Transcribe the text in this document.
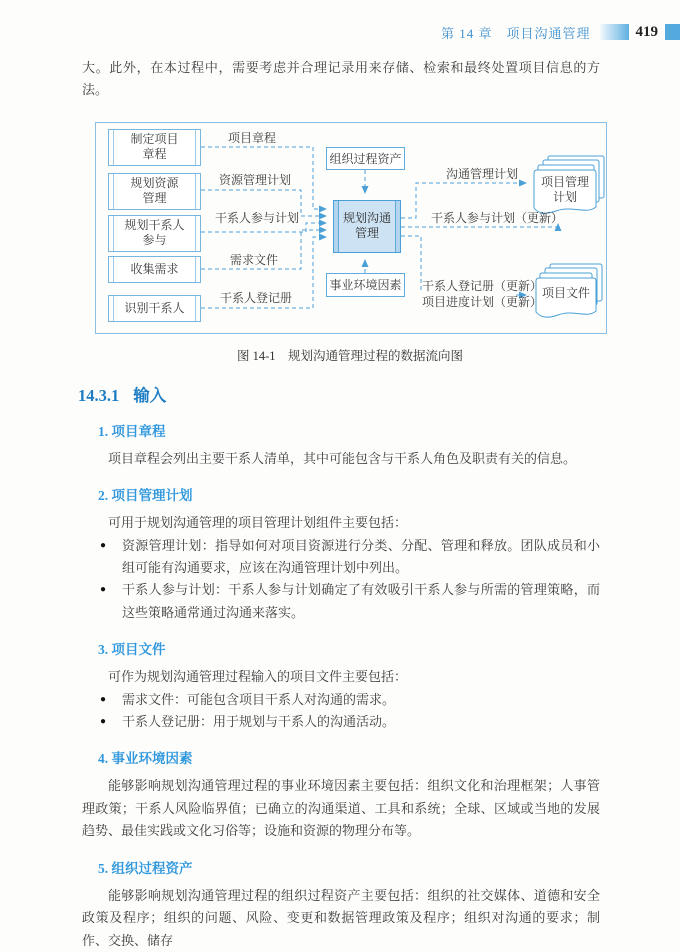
第 14 章　项目沟通管理	419

大。此外，在本过程中，需要考虑并合理记录用来存储、检索和最终处置项目信息的方法。

制定项目
章程
规划资源
管理
规划干系人
参与
收集需求
识别干系人
项目章程
资源管理计划
干系人参与计划
需求文件
干系人登记册
组织过程资产
规划沟通
管理
事业环境因素
沟通管理计划
干系人参与计划（更新）
干系人登记册（更新）
项目进度计划（更新）
项目管理
计划
项目文件
图 14-1　规划沟通管理过程的数据流向图
14.3.1 输入
1. 项目章程

项目章程会列出主要干系人清单，其中可能包含与干系人角色及职责有关的信息。

2. 项目管理计划

可用于规划沟通管理的项目管理计划组件主要包括：

●	资源管理计划：指导如何对项目资源进行分类、分配、管理和释放。团队成员和小组可能有沟通要求，应该在沟通管理计划中列出。
●	干系人参与计划：干系人参与计划确定了有效吸引干系人参与所需的管理策略，而这些策略通常通过沟通来落实。
3. 项目文件

可作为规划沟通管理过程输入的项目文件主要包括：

●	需求文件：可能包含项目干系人对沟通的需求。
●	干系人登记册：用于规划与干系人的沟通活动。
4. 事业环境因素

能够影响规划沟通管理过程的事业环境因素主要包括：组织文化和治理框架；人事管理政策；干系人风险临界值；已确立的沟通渠道、工具和系统；全球、区域或当地的发展趋势、最佳实践或文化习俗等；设施和资源的物理分布等。

5. 组织过程资产

能够影响规划沟通管理过程的组织过程资产主要包括：组织的社交媒体、道德和安全政策及程序；组织的问题、风险、变更和数据管理政策及程序；组织对沟通的要求；制作、交换、储存
